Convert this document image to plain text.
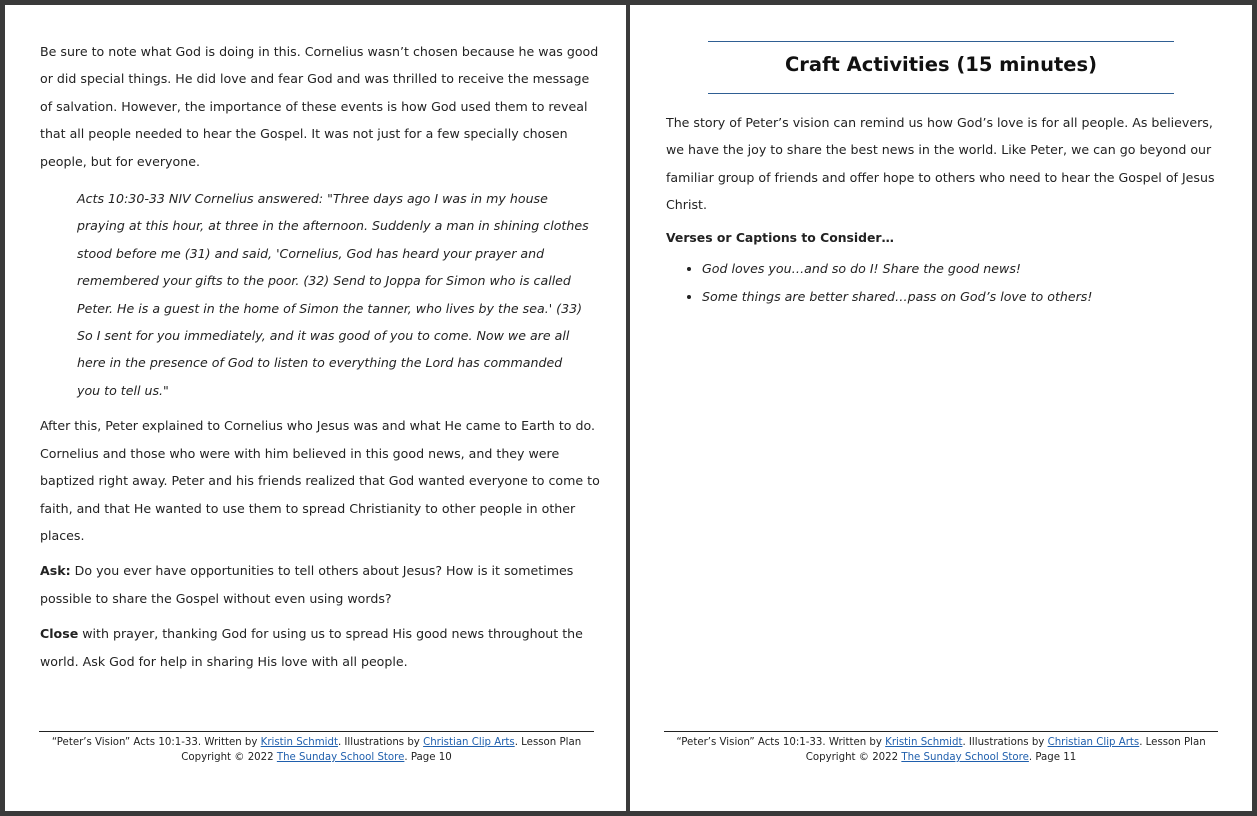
Be sure to note what God is doing in this. Cornelius wasn’t chosen because he was good or did special things. He did love and fear God and was thrilled to receive the message of salvation. However, the importance of these events is how God used them to reveal that all people needed to hear the Gospel. It was not just for a few specially chosen people, but for everyone.

Acts 10:30-33 NIV Cornelius answered: "Three days ago I was in my house praying at this hour, at three in the afternoon. Suddenly a man in shining clothes stood before me (31) and said, 'Cornelius, God has heard your prayer and remembered your gifts to the poor. (32) Send to Joppa for Simon who is called Peter. He is a guest in the home of Simon the tanner, who lives by the sea.' (33) So I sent for you immediately, and it was good of you to come. Now we are all here in the presence of God to listen to everything the Lord has commanded you to tell us."

After this, Peter explained to Cornelius who Jesus was and what He came to Earth to do. Cornelius and those who were with him believed in this good news, and they were baptized right away. Peter and his friends realized that God wanted everyone to come to faith, and that He wanted to use them to spread Christianity to other people in other places.

Ask: Do you ever have opportunities to tell others about Jesus? How is it sometimes possible to share the Gospel without even using words?

Close with prayer, thanking God for using us to spread His good news throughout the world. Ask God for help in sharing His love with all people.

“Peter’s Vision” Acts 10:1-33. Written by Kristin Schmidt. Illustrations by Christian Clip Arts. Lesson Plan
Copyright © 2022 The Sunday School Store. Page 10
Craft Activities (15 minutes)

The story of Peter’s vision can remind us how God’s love is for all people. As believers, we have the joy to share the best news in the world. Like Peter, we can go beyond our familiar group of friends and offer hope to others who need to hear the Gospel of Jesus Christ.

Verses or Captions to Consider…
• God loves you…and so do I! Share the good news!
• Some things are better shared…pass on God’s love to others!
“Peter’s Vision” Acts 10:1-33. Written by Kristin Schmidt. Illustrations by Christian Clip Arts. Lesson Plan
Copyright © 2022 The Sunday School Store. Page 11
